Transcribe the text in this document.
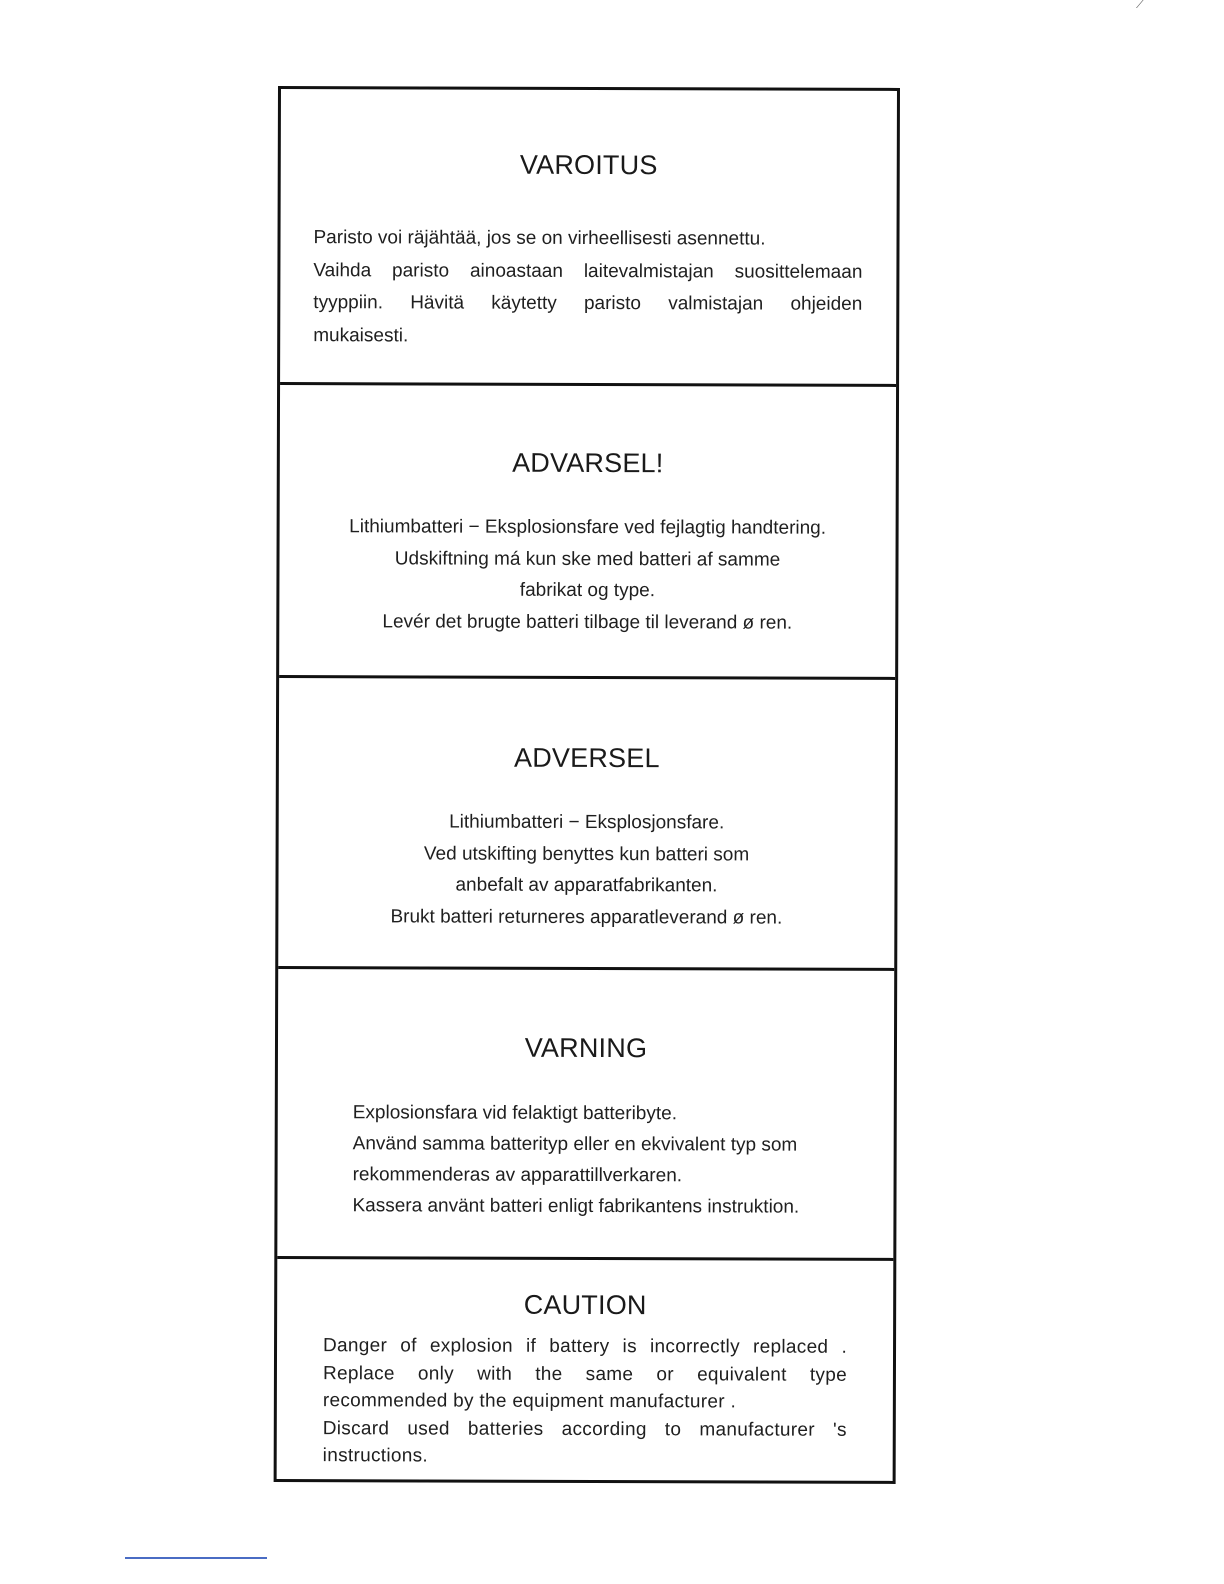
VAROITUS
Paristo voi räjähtää, jos se on virheellisesti asennettu.
Vaihda paristo ainoastaan laitevalmistajan suosittelemaan
tyyppiin. Hävitä käytetty paristo valmistajan ohjeiden
mukaisesti.
ADVARSEL!
Lithiumbatteri − Eksplosionsfare ved fejlagtig handtering.
Udskiftning má kun ske med batteri af samme
fabrikat og type.
Levér det brugte batteri tilbage til leverand ø ren.
ADVERSEL
Lithiumbatteri − Eksplosjonsfare.
Ved utskifting benyttes kun batteri som
anbefalt av apparatfabrikanten.
Brukt batteri returneres apparatleverand ø ren.
VARNING
Explosionsfara vid felaktigt batteribyte.
Använd samma batterityp eller en ekvivalent typ som
rekommenderas av apparattillverkaren.
Kassera använt batteri enligt fabrikantens instruktion.
CAUTION
Danger of explosion if battery is incorrectly replaced .
Replace only with the same or equivalent type
recommended by the equipment manufacturer .
Discard used batteries according to manufacturer 's
instructions.
⟋
